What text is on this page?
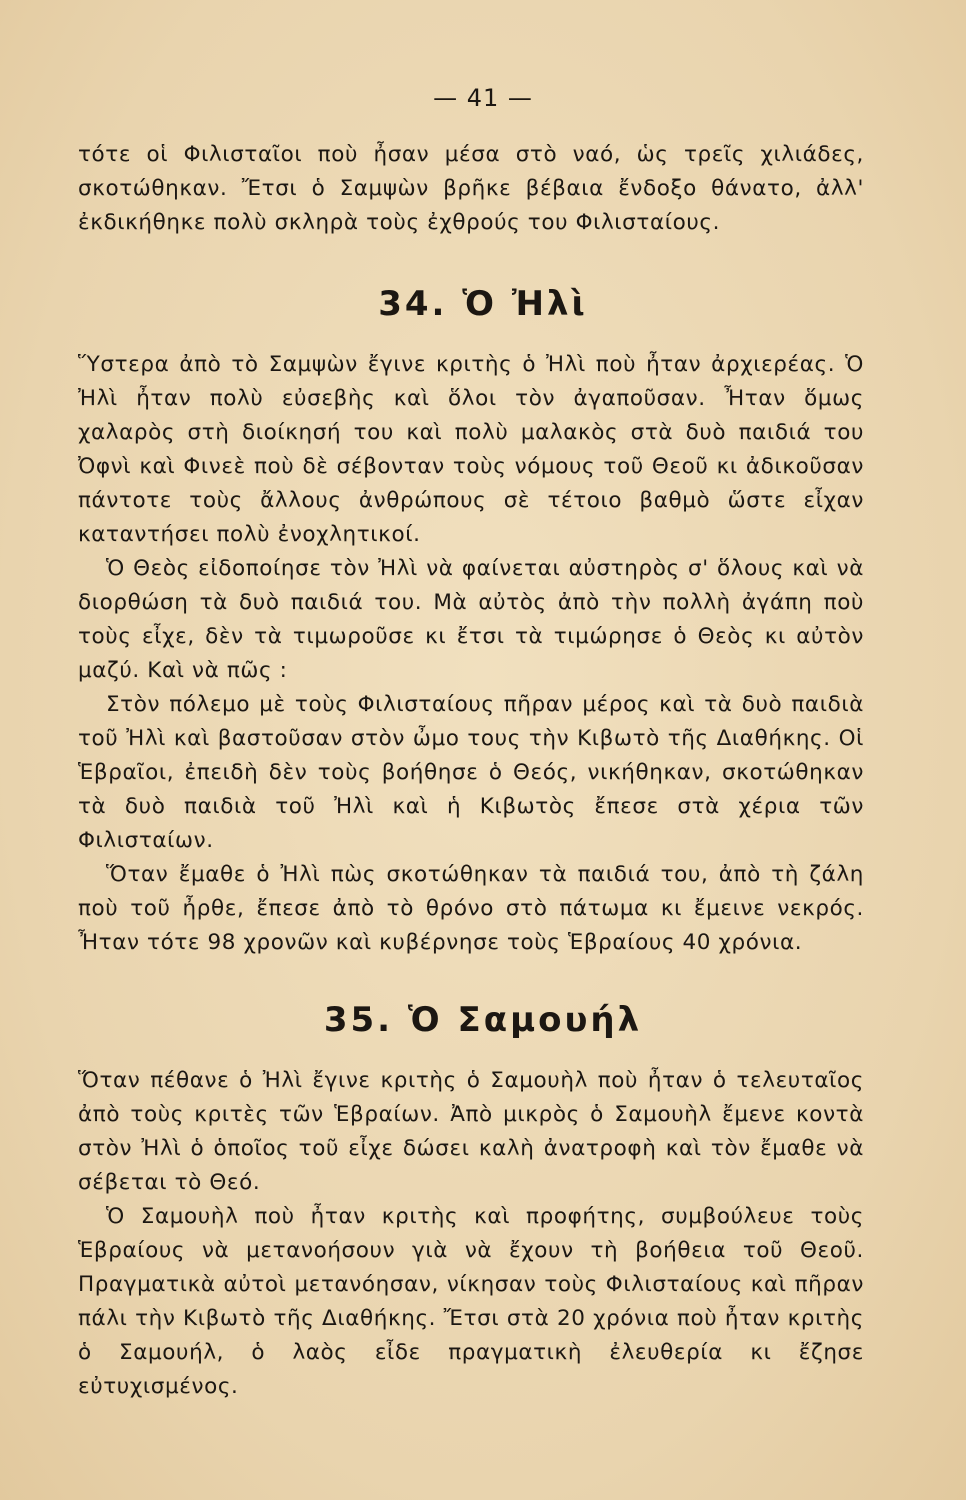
— 41 —

τότε οἱ Φιλισταῖοι ποὺ ἦσαν μέσα στὸ ναό, ὡς τρεῖς χιλιάδες, σκοτώθηκαν. Ἔτσι ὁ Σαμψὼν βρῆκε βέβαια ἔνδοξο θάνατο, ἀλλ' ἐκδικήθηκε πολὺ σκληρὰ τοὺς ἐχθρούς του Φιλισταίους.

34. Ὁ Ἠλὶ

Ὕστερα ἀπὸ τὸ Σαμψὼν ἔγινε κριτὴς ὁ Ἠλὶ ποὺ ἦταν ἀρχιερέας. Ὁ Ἠλὶ ἦταν πολὺ εὐσεβὴς καὶ ὅλοι τὸν ἀγαποῦσαν. Ἦταν ὅμως χαλαρὸς στὴ διοίκησή του καὶ πολὺ μαλακὸς στὰ δυὸ παιδιά του Ὀφνὶ καὶ Φινεὲ ποὺ δὲ σέβονταν τοὺς νόμους τοῦ Θεοῦ κι ἀδικοῦσαν πάντοτε τοὺς ἄλλους ἀνθρώπους σὲ τέτοιο βαθμὸ ὥστε εἶχαν καταντήσει πολὺ ἐνοχλητικοί.

Ὁ Θεὸς εἰδοποίησε τὸν Ἠλὶ νὰ φαίνεται αὐστηρὸς σ' ὅλους καὶ νὰ διορθώση τὰ δυὸ παιδιά του. Μὰ αὐτὸς ἀπὸ τὴν πολλὴ ἀγάπη ποὺ τοὺς εἶχε, δὲν τὰ τιμωροῦσε κι ἔτσι τὰ τιμώρησε ὁ Θεὸς κι αὐτὸν μαζύ. Καὶ νὰ πῶς :

Στὸν πόλεμο μὲ τοὺς Φιλισταίους πῆραν μέρος καὶ τὰ δυὸ παιδιὰ τοῦ Ἠλὶ καὶ βαστοῦσαν στὸν ὦμο τους τὴν Κιβωτὸ τῆς Διαθήκης. Οἱ Ἑβραῖοι, ἐπειδὴ δὲν τοὺς βοήθησε ὁ Θεός, νικήθηκαν, σκοτώθηκαν τὰ δυὸ παιδιὰ τοῦ Ἠλὶ καὶ ἡ Κιβωτὸς ἔπεσε στὰ χέρια τῶν Φιλισταίων.

Ὅταν ἔμαθε ὁ Ἠλὶ πὼς σκοτώθηκαν τὰ παιδιά του, ἀπὸ τὴ ζάλη ποὺ τοῦ ἦρθε, ἔπεσε ἀπὸ τὸ θρόνο στὸ πάτωμα κι ἔμεινε νεκρός. Ἦταν τότε 98 χρονῶν καὶ κυβέρνησε τοὺς Ἑβραίους 40 χρόνια.

35. Ὁ Σαμουήλ

Ὅταν πέθανε ὁ Ἠλὶ ἔγινε κριτὴς ὁ Σαμουὴλ ποὺ ἦταν ὁ τελευταῖος ἀπὸ τοὺς κριτὲς τῶν Ἑβραίων. Ἀπὸ μικρὸς ὁ Σαμουὴλ ἔμενε κοντὰ στὸν Ἠλὶ ὁ ὁποῖος τοῦ εἶχε δώσει καλὴ ἀνατροφὴ καὶ τὸν ἔμαθε νὰ σέβεται τὸ Θεό.

Ὁ Σαμουὴλ ποὺ ἦταν κριτὴς καὶ προφήτης, συμβούλευε τοὺς Ἑβραίους νὰ μετανοήσουν γιὰ νὰ ἔχουν τὴ βοήθεια τοῦ Θεοῦ. Πραγματικὰ αὐτοὶ μετανόησαν, νίκησαν τοὺς Φιλισταίους καὶ πῆραν πάλι τὴν Κιβωτὸ τῆς Διαθήκης. Ἔτσι στὰ 20 χρόνια ποὺ ἦταν κριτὴς ὁ Σαμουήλ, ὁ λαὸς εἶδε πραγματικὴ ἐλευθερία κι ἔζησε εὐτυχισμένος.
